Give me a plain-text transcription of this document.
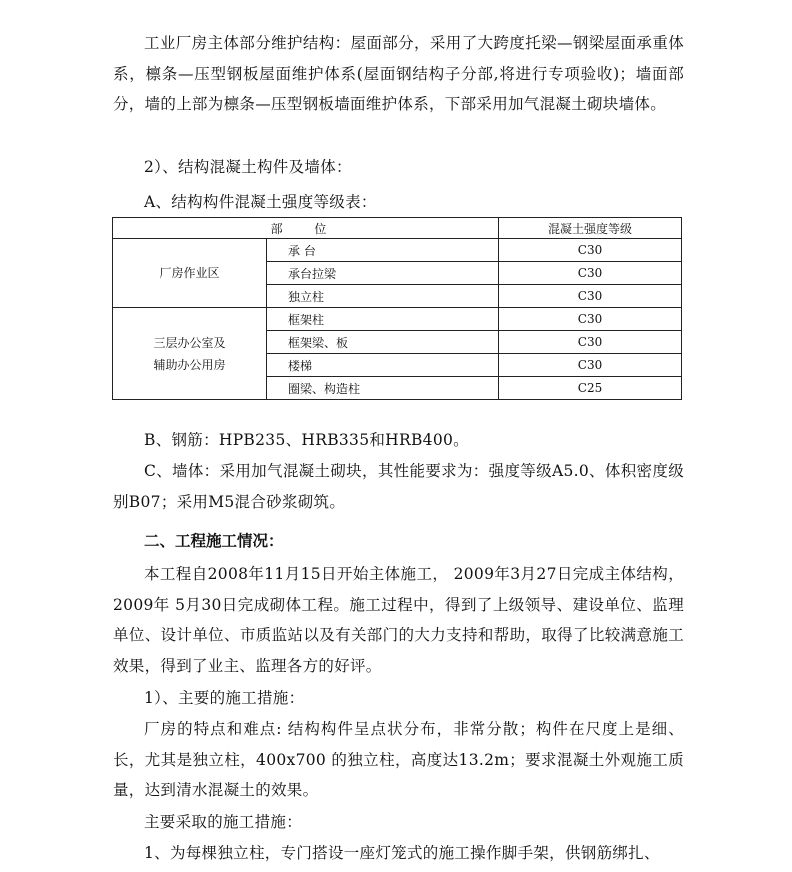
工业厂房主体部分维护结构：屋面部分，采用了大跨度托梁—钢梁屋面承重体系，檩条—压型钢板屋面维护体系(屋面钢结构子分部,将进行专项验收)；墙面部分，墙的上部为檩条—压型钢板墙面维护体系，下部采用加气混凝土砌块墙体。

2）、结构混凝土构件及墙体：

A、结构构件混凝土强度等级表：

部 位		混凝土强度等级
厂房作业区	承 台	C30
	承台拉梁	C30
	独立柱	C30
三层办公室及
辅助办公用房	框架柱	C30
	框架梁、板	C30
	楼梯	C30
	圈梁、构造柱	C25

B、钢筋：HPB235、HRB335和HRB400。

C、墙体：采用加气混凝土砌块，其性能要求为：强度等级A5.0、体积密度级别B07；采用M5混合砂浆砌筑。

二、工程施工情况：

本工程自2008年11月15日开始主体施工， 2009年3月27日完成主体结构，2009年 5月30日完成砌体工程。施工过程中，得到了上级领导、建设单位、监理单位、设计单位、市质监站以及有关部门的大力支持和帮助，取得了比较满意施工效果，得到了业主、监理各方的好评。

1）、主要的施工措施：

厂房的特点和难点: 结构构件呈点状分布，非常分散；构件在尺度上是细、长，尤其是独立柱，400x700 的独立柱，高度达13.2m；要求混凝土外观施工质量，达到清水混凝土的效果。

主要采取的施工措施：

1、为每棵独立柱，专门搭设一座灯笼式的施工操作脚手架，供钢筋绑扎、
